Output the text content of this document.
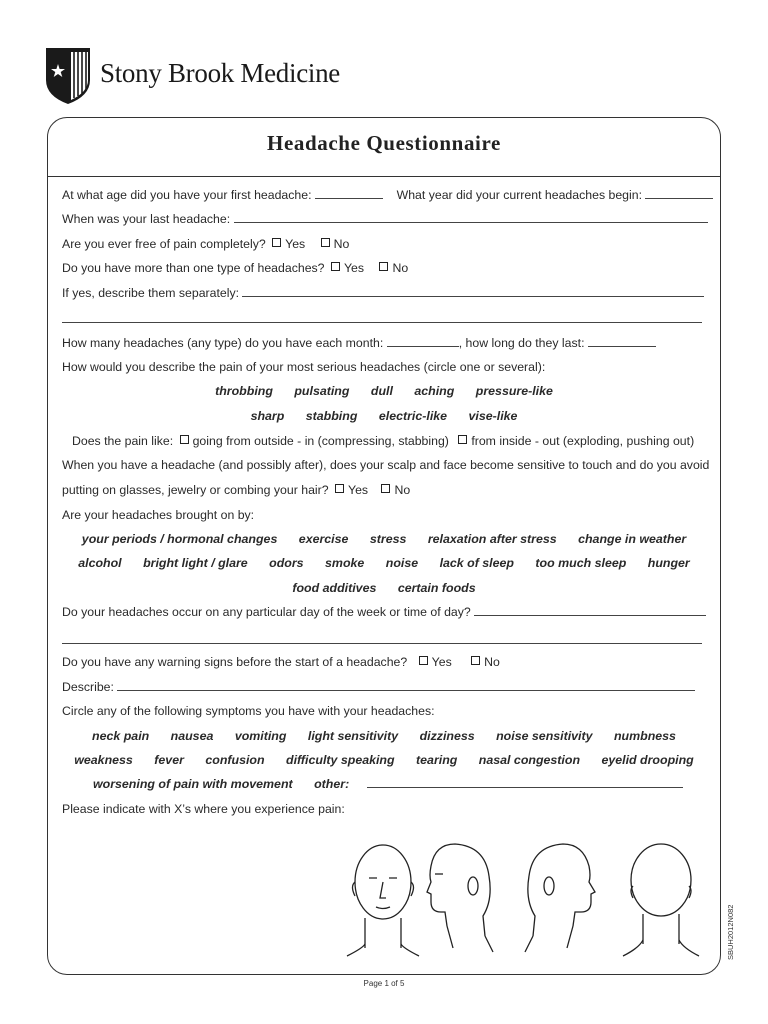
Stony Brook Medicine
Headache Questionnaire
At what age did you have your first headache:	What year did your current headaches begin:
When was your last headache:
Are you ever free of pain completely? Yes No
Do you have more than one type of headaches? Yes No
If yes, describe them separately:
How many headaches (any type) do you have each month:	, how long do they last:
How would you describe the pain of your most serious headaches (circle one or several):
throbbing pulsating dull aching pressure-like
sharp stabbing electric-like vise-like
Does the pain like: going from outside - in (compressing, stabbing) from inside - out (exploding, pushing out)
When you have a headache (and possibly after), does your scalp and face become sensitive to touch and do you avoid
putting on glasses, jewelry or combing your hair? Yes No
Are your headaches brought on by:
your periods / hormonal changes exercise stress relaxation after stress change in weather
alcohol bright light / glare odors smoke noise lack of sleep too much sleep hunger
food additives certain foods
Do your headaches occur on any particular day of the week or time of day?
Do you have any warning signs before the start of a headache? Yes	No
Describe:
Circle any of the following symptoms you have with your headaches:
neck pain nausea vomiting light sensitivity dizziness noise sensitivity numbness
weakness fever confusion difficulty speaking tearing nasal congestion eyelid drooping
worsening of pain with movement other:
Please indicate with X’s where you experience pain:
SBUH2012N082
Page 1 of 5
